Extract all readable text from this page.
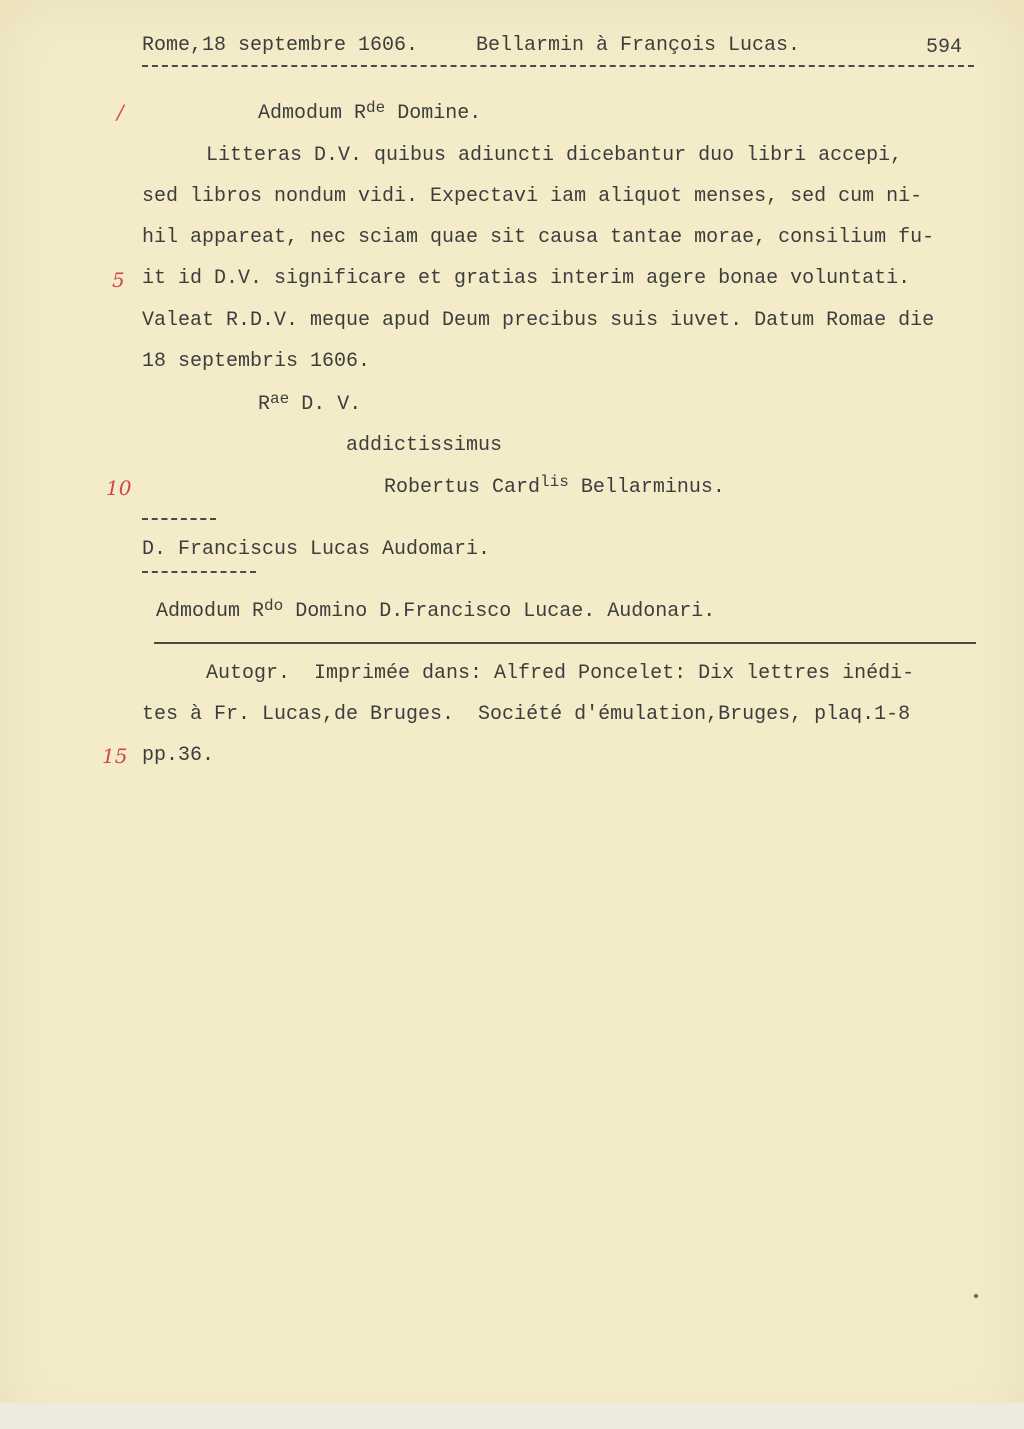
Rome,18 septembre 1606.	Bellarmin à François Lucas.	594
Admodum $R^{de}$ Domine.
Litteras D.V. quibus adiuncti dicebantur duo libri accepi,
sed libros nondum vidi. Expectavi iam aliquot menses, sed cum ni-
hil appareat, nec sciam quae sit causa tantae morae, consilium fu-
it id D.V. significare et gratias interim agere bonae voluntati.
Valeat R.D.V. meque apud Deum precibus suis iuvet. Datum Romae die
18 septembris 1606.
$R^{ae}$ D. V.
addictissimus
Robertus Card$^{lis}$ Bellarminus.
D. Franciscus Lucas Audomari.
Admodum $R^{do}$ Domino D.Francisco Lucae. Audonari.
Autogr.  Imprimée dans: Alfred Poncelet: Dix lettres inédi-
tes à Fr. Lucas,de Bruges.  Société d'émulation,Bruges, plaq.1-8
pp.36.
/
5
10
15
